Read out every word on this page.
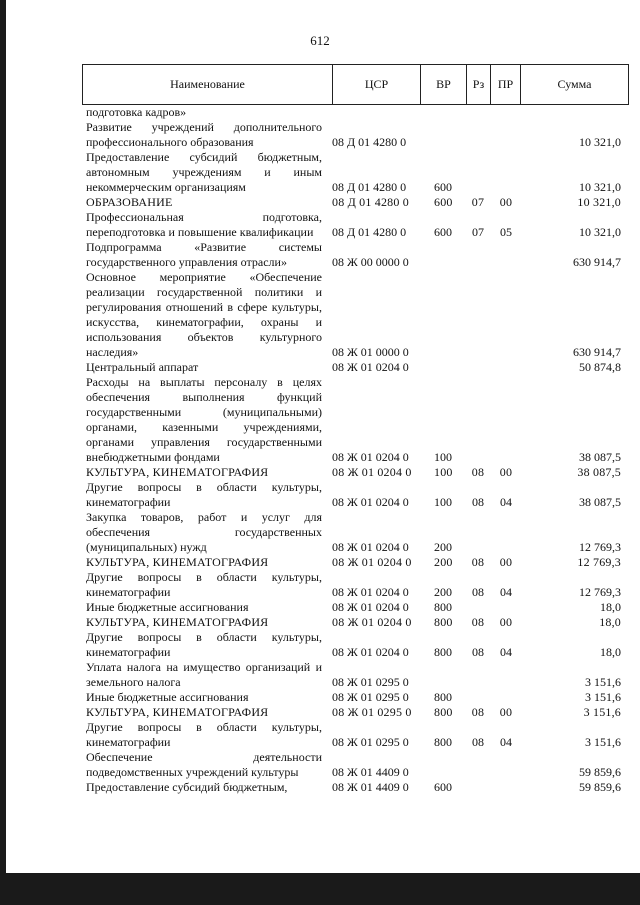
612
Наименование	ЦСР	ВР	Рз	ПР	Сумма
подготовка кадров»
Развитие учреждений дополнительного профессионального образования	08 Д 01 4280 0	10 321,0
Предоставление субсидий бюджетным, автономным учреждениям и иным некоммерческим организациям	08 Д 01 4280 0 600	10 321,0
ОБРАЗОВАНИЕ	08 Д 01 4280 0 600	07	00	10 321,0
Профессиональная подготовка, переподготовка и повышение квалификации	08 Д 01 4280 0 600	07	05	10 321,0
Подпрограмма «Развитие системы государственного управления отрасли»	08 Ж 00 0000 0	630 914,7
Основное мероприятие «Обеспечение реализации государственной политики и регулирования отношений в сфере культуры, искусства, кинематографии, охраны и использования объектов культурного наследия»	08 Ж 01 0000 0	630 914,7
Центральный аппарат	08 Ж 01 0204 0	50 874,8
Расходы на выплаты персоналу в целях обеспечения выполнения функций государственными (муниципальными) органами, казенными учреждениями, органами управления государственными внебюджетными фондами	08 Ж 01 0204 0 100	38 087,5
КУЛЬТУРА, КИНЕМАТОГРАФИЯ	08 Ж 01 0204 0 100	08	00	38 087,5
Другие вопросы в области культуры, кинематографии	08 Ж 01 0204 0 100	08	04	38 087,5
Закупка товаров, работ и услуг для обеспечения государственных (муниципальных) нужд	08 Ж 01 0204 0 200	12 769,3
КУЛЬТУРА, КИНЕМАТОГРАФИЯ	08 Ж 01 0204 0 200	08	00	12 769,3
Другие вопросы в области культуры, кинематографии	08 Ж 01 0204 0 200	08	04	12 769,3
Иные бюджетные ассигнования	08 Ж 01 0204 0 800	18,0
КУЛЬТУРА, КИНЕМАТОГРАФИЯ	08 Ж 01 0204 0 800	08	00	18,0
Другие вопросы в области культуры, кинематографии	08 Ж 01 0204 0 800	08	04	18,0
Уплата налога на имущество организаций и земельного налога	08 Ж 01 0295 0	3 151,6
Иные бюджетные ассигнования	08 Ж 01 0295 0 800	3 151,6
КУЛЬТУРА, КИНЕМАТОГРАФИЯ	08 Ж 01 0295 0 800	08	00	3 151,6
Другие вопросы в области культуры, кинематографии	08 Ж 01 0295 0 800	08	04	3 151,6
Обеспечение деятельности подведомственных учреждений культуры	08 Ж 01 4409 0	59 859,6
Предоставление субсидий бюджетным,	08 Ж 01 4409 0 600	59 859,6
